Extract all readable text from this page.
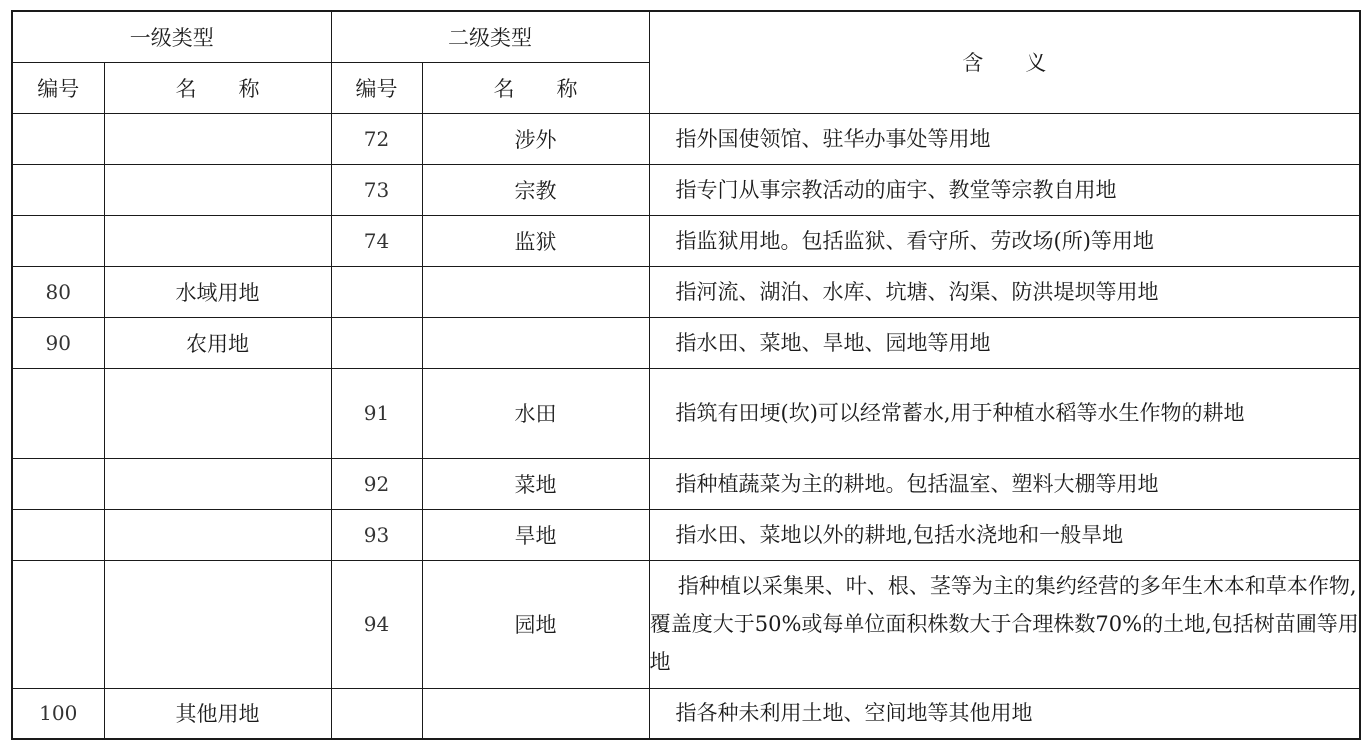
一级类型		二级类型		含　　义
编号	名　　称	编号	名　　称	
		72	涉外	指外国使领馆、驻华办事处等用地

		73	宗教	指专门从事宗教活动的庙宇、教堂等宗教自用地

		74	监狱	指监狱用地。包括监狱、看守所、劳改场(所)等用地

80	水域用地			指河流、湖泊、水库、坑塘、沟渠、防洪堤坝等用地

90	农用地			指水田、菜地、旱地、园地等用地

		91	水田	指筑有田埂(坎)可以经常蓄水,用于种植水稻等水生作物的耕地

		92	菜地	指种植蔬菜为主的耕地。包括温室、塑料大棚等用地

		93	旱地	指水田、菜地以外的耕地,包括水浇地和一般旱地

		94	园地	指种植以采集果、叶、根、茎等为主的集约经营的多年生木本和草本作物,覆盖度大于50%或每单位面积株数大于合理株数70%的土地,包括树苗圃等用地

100	其他用地			指各种未利用土地、空间地等其他用地
